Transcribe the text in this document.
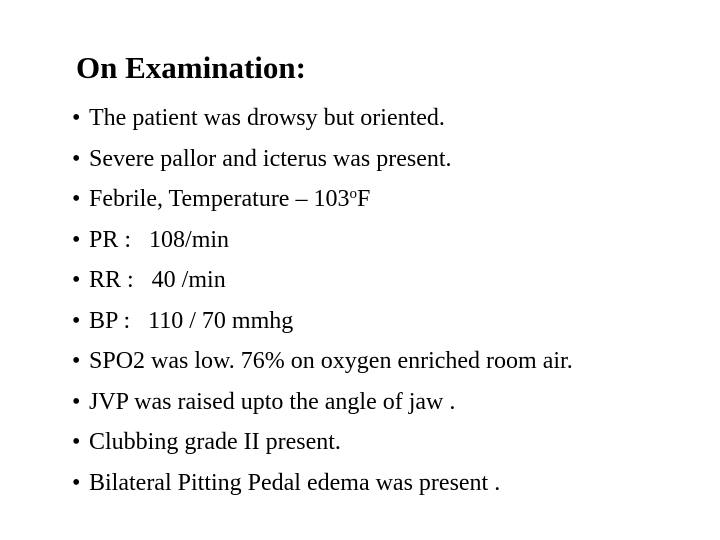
On Examination:
• The patient was drowsy but oriented.
• Severe pallor and icterus was present.
• Febrile, Temperature – 103$^o$F
• PR :   108/min
• RR :   40 /min
• BP :   110 / 70 mmhg
• SPO2 was low. 76% on oxygen enriched room air.
• JVP was raised upto the angle of jaw .
• Clubbing grade II present.
• Bilateral Pitting Pedal edema was present .
